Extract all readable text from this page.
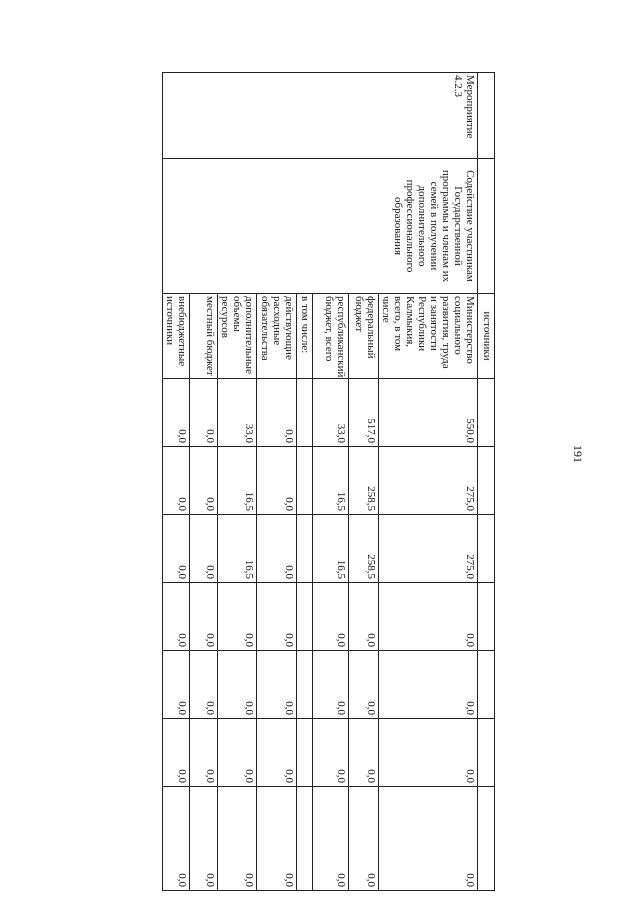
		источники							
Мероприятие 4.2.3	Содействие участникам Государственной программы и членам их семей в получении дополнительного профессионального образования	Министерство социального развития, труда и занятости Республики Калмыкия, всего, в том числе	550,0	275,0	275,0	0,0	0,0	0,0	0,0
		федеральный бюджет	517,0	258,5	258,5	0,0	0,0	0,0	0,0
		республиканский бюджет, всего	33,0	16,5	16,5	0,0	0,0	0,0	0,0
		в том числе:							
		действующие расходные обязательства	0,0	0,0	0,0	0,0	0,0	0,0	0,0
		дополнительные объемы ресурсов	33,0	16,5	16,5	0,0	0,0	0,0	0,0
		местный бюджет	0,0	0,0	0,0	0,0	0,0	0,0	0,0
		внебюджетные источники	0,0	0,0	0,0	0,0	0,0	0,0	0,0
191
